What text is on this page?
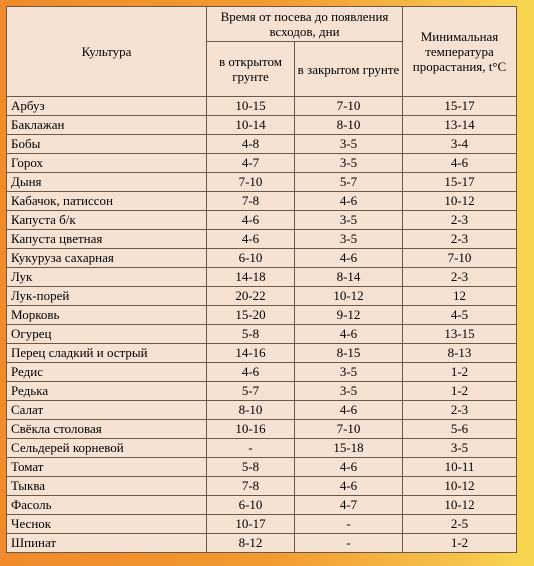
Культура	Время от посева до появления всходов, дни		Минимальная температура прорастания, t°C
	в открытом грунте	в закрытом грунте	
Арбуз	10-15	7-10	15-17
Баклажан	10-14	8-10	13-14
Бобы	4-8	3-5	3-4
Горох	4-7	3-5	4-6
Дыня	7-10	5-7	15-17
Кабачок, патиссон	7-8	4-6	10-12
Капуста б/к	4-6	3-5	2-3
Капуста цветная	4-6	3-5	2-3
Кукуруза сахарная	6-10	4-6	7-10
Лук	14-18	8-14	2-3
Лук-порей	20-22	10-12	12
Морковь	15-20	9-12	4-5
Огурец	5-8	4-6	13-15
Перец сладкий и острый	14-16	8-15	8-13
Редис	4-6	3-5	1-2
Редька	5-7	3-5	1-2
Салат	8-10	4-6	2-3
Свёкла столовая	10-16	7-10	5-6
Сельдерей корневой	-	15-18	3-5
Томат	5-8	4-6	10-11
Тыква	7-8	4-6	10-12
Фасоль	6-10	4-7	10-12
Чеснок	10-17	-	2-5
Шпинат	8-12	-	1-2
